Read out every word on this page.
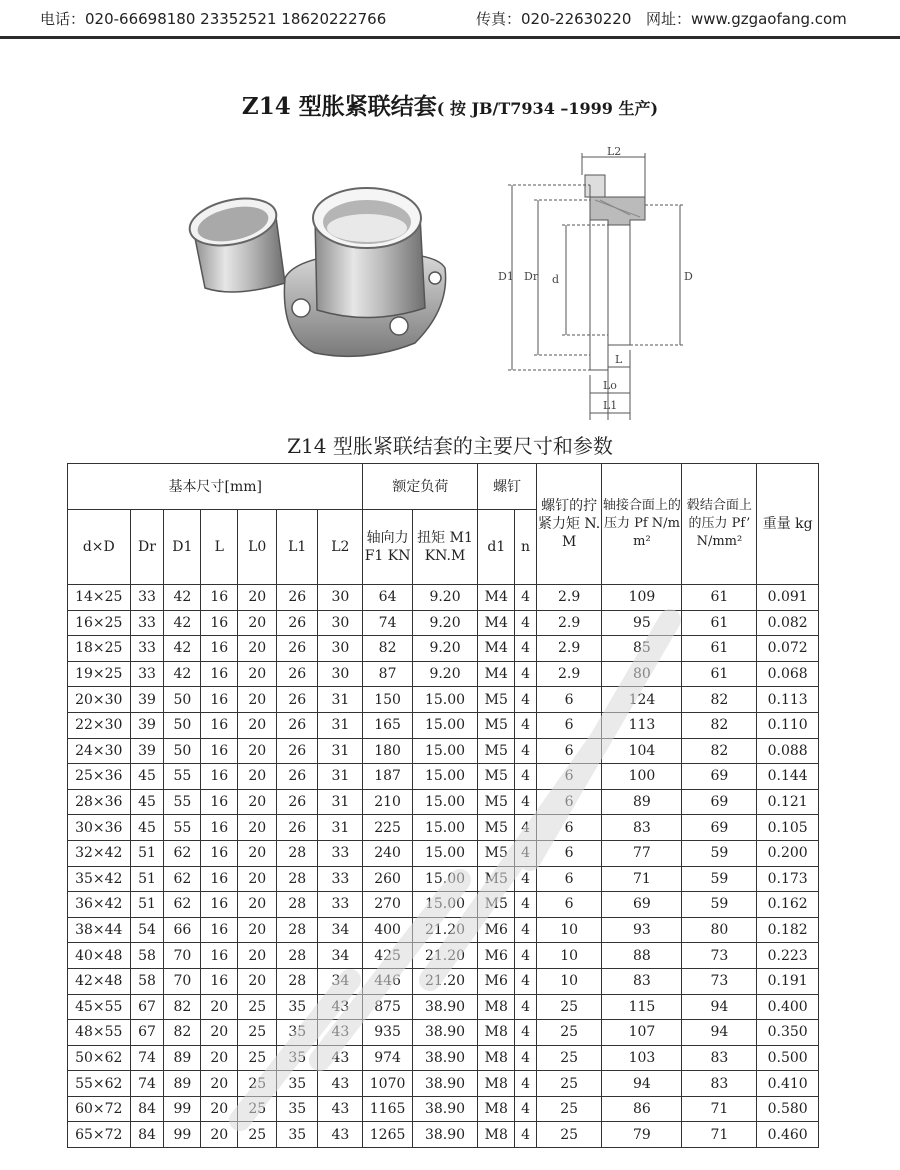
电话：020-66698180 23352521 18620222766	传真：020-22630220 网址：www.gzgaofang.com
Z14 型胀紧联结套( 按 JB/T7934 –1999 生产)
L2
D1 Dr d	D
L
Lo
L1
Z14 型胀紧联结套的主要尺寸和参数
基本尺寸[mm]							额定负荷		螺钉		螺钉的拧紧力矩 N.M	轴接合面上的压力 Pf N/mm²	毂结合面上的压力 Pf’ N/mm²	重量 kg
d×D	Dr	D1	L	L0	L1	L2	轴向力 F1 KN	扭矩 M1 KN.M	d1	n				
14×25	33	42	16	20	26	30	64	9.20	M4	4	2.9	109	61	0.091
16×25	33	42	16	20	26	30	74	9.20	M4	4	2.9	95	61	0.082
18×25	33	42	16	20	26	30	82	9.20	M4	4	2.9	85	61	0.072
19×25	33	42	16	20	26	30	87	9.20	M4	4	2.9	80	61	0.068
20×30	39	50	16	20	26	31	150	15.00	M5	4	6	124	82	0.113
22×30	39	50	16	20	26	31	165	15.00	M5	4	6	113	82	0.110
24×30	39	50	16	20	26	31	180	15.00	M5	4	6	104	82	0.088
25×36	45	55	16	20	26	31	187	15.00	M5	4	6	100	69	0.144
28×36	45	55	16	20	26	31	210	15.00	M5	4	6	89	69	0.121
30×36	45	55	16	20	26	31	225	15.00	M5	4	6	83	69	0.105
32×42	51	62	16	20	28	33	240	15.00	M5	4	6	77	59	0.200
35×42	51	62	16	20	28	33	260	15.00	M5	4	6	71	59	0.173
36×42	51	62	16	20	28	33	270	15.00	M5	4	6	69	59	0.162
38×44	54	66	16	20	28	34	400	21.20	M6	4	10	93	80	0.182
40×48	58	70	16	20	28	34	425	21.20	M6	4	10	88	73	0.223
42×48	58	70	16	20	28	34	446	21.20	M6	4	10	83	73	0.191
45×55	67	82	20	25	35	43	875	38.90	M8	4	25	115	94	0.400
48×55	67	82	20	25	35	43	935	38.90	M8	4	25	107	94	0.350
50×62	74	89	20	25	35	43	974	38.90	M8	4	25	103	83	0.500
55×62	74	89	20	25	35	43	1070	38.90	M8	4	25	94	83	0.410
60×72	84	99	20	25	35	43	1165	38.90	M8	4	25	86	71	0.580
65×72	84	99	20	25	35	43	1265	38.90	M8	4	25	79	71	0.460
